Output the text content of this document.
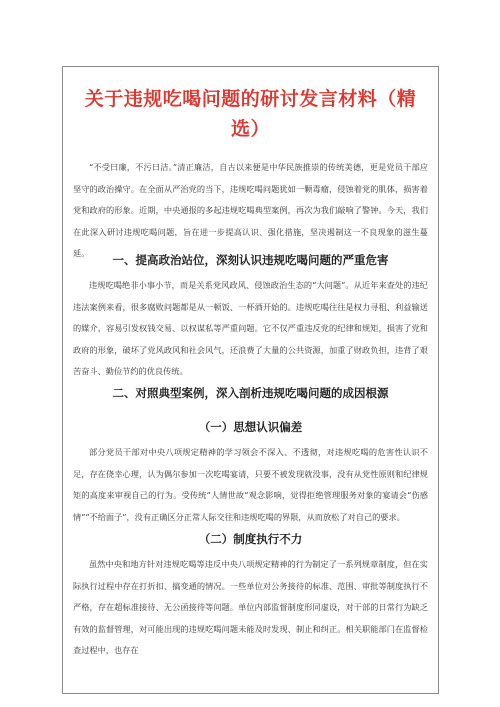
关于违规吃喝问题的研讨发言材料（精
选）

“不受曰廉，不污曰洁。”清正廉洁，自古以来便是中华民族推崇的传统美德，更是党员干部应坚守的政治操守。在全面从严治党的当下，违规吃喝问题犹如一颗毒瘤，侵蚀着党的肌体，损害着党和政府的形象。近期，中央通报的多起违规吃喝典型案例，再次为我们敲响了警钟。今天，我们在此深入研讨违规吃喝问题，旨在进一步提高认识、强化措施，坚决遏制这一不良现象的滋生蔓延。	一、提高政治站位，深刻认识违规吃喝问题的严重危害

违规吃喝绝非小事小节，而是关系党风政风、侵蚀政治生态的“大问题”。从近年来查处的违纪违法案例来看，很多腐败问题都是从一顿饭、一杯酒开始的。违规吃喝往往是权力寻租、利益输送的媒介，容易引发权钱交易、以权谋私等严重问题。它不仅严重违反党的纪律和规矩，损害了党和政府的形象，破坏了党风政风和社会风气，还浪费了大量的公共资源，加重了财政负担，违背了艰苦奋斗、勤俭节约的优良传统。

二、对照典型案例，深入剖析违规吃喝问题的成因根源
（一）思想认识偏差

部分党员干部对中央八项规定精神的学习领会不深入、不透彻，对违规吃喝的危害性认识不足，存在侥幸心理，认为偶尔参加一次吃喝宴请，只要不被发现就没事，没有从党性原则和纪律规矩的高度来审视自己的行为。受传统“人情世故”观念影响，觉得拒绝管理服务对象的宴请会“伤感情”“不给面子”，没有正确区分正常人际交往和违规吃喝的界限，从而放松了对自己的要求。

（二）制度执行不力

虽然中央和地方针对违规吃喝等违反中央八项规定精神的行为制定了一系列规章制度，但在实际执行过程中存在打折扣、搞变通的情况。一些单位对公务接待的标准、范围、审批等制度执行不严格，存在超标准接待、无公函接待等问题。单位内部监督制度形同虚设，对干部的日常行为缺乏有效的监督管理，对可能出现的违规吃喝问题未能及时发现、制止和纠正。相关职能部门在监督检查过程中，也存在
